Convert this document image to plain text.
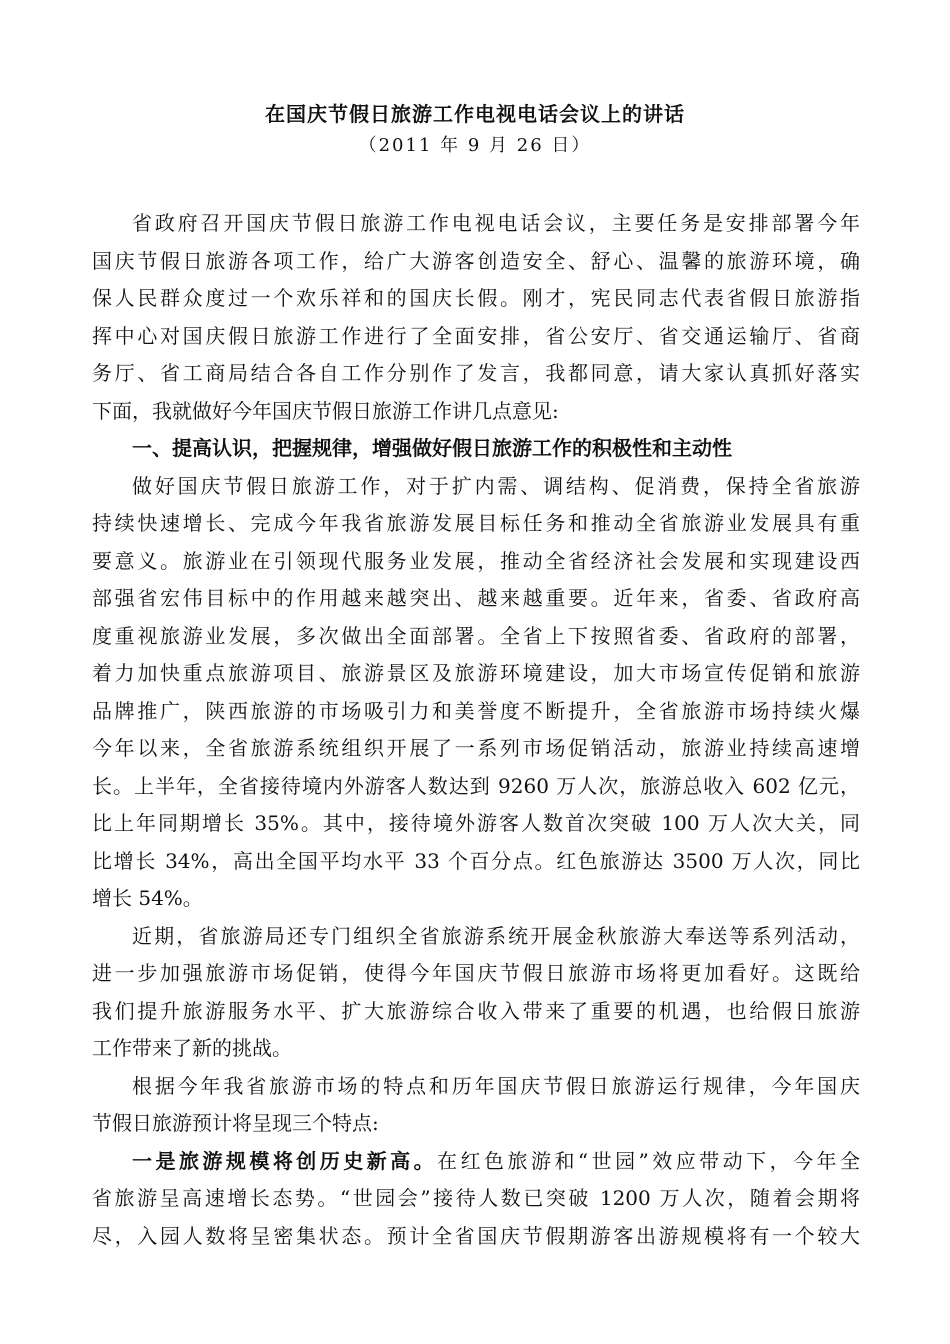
在国庆节假日旅游工作电视电话会议上的讲话
（2011 年 9 月 26 日）
省政府召开国庆节假日旅游工作电视电话会议，主要任务是安排部署今年
国庆节假日旅游各项工作，给广大游客创造安全、舒心、温馨的旅游环境，确
保人民群众度过一个欢乐祥和的国庆长假。刚才，宪民同志代表省假日旅游指
挥中心对国庆假日旅游工作进行了全面安排，省公安厅、省交通运输厅、省商
务厅、省工商局结合各自工作分别作了发言，我都同意，请大家认真抓好落实
下面，我就做好今年国庆节假日旅游工作讲几点意见:
一、提高认识，把握规律，增强做好假日旅游工作的积极性和主动性
做好国庆节假日旅游工作，对于扩内需、调结构、促消费，保持全省旅游
持续快速增长、完成今年我省旅游发展目标任务和推动全省旅游业发展具有重
要意义。旅游业在引领现代服务业发展，推动全省经济社会发展和实现建设西
部强省宏伟目标中的作用越来越突出、越来越重要。近年来，省委、省政府高
度重视旅游业发展，多次做出全面部署。全省上下按照省委、省政府的部署，
着力加快重点旅游项目、旅游景区及旅游环境建设，加大市场宣传促销和旅游
品牌推广，陕西旅游的市场吸引力和美誉度不断提升，全省旅游市场持续火爆
今年以来，全省旅游系统组织开展了一系列市场促销活动，旅游业持续高速增
长。上半年，全省接待境内外游客人数达到 9260 万人次，旅游总收入 602 亿元，
比上年同期增长 35%。其中，接待境外游客人数首次突破 100 万人次大关，同
比增长 34%，高出全国平均水平 33 个百分点。红色旅游达 3500 万人次，同比
增长 54%。
近期，省旅游局还专门组织全省旅游系统开展金秋旅游大奉送等系列活动，
进一步加强旅游市场促销，使得今年国庆节假日旅游市场将更加看好。这既给
我们提升旅游服务水平、扩大旅游综合收入带来了重要的机遇，也给假日旅游
工作带来了新的挑战。
根据今年我省旅游市场的特点和历年国庆节假日旅游运行规律，今年国庆
节假日旅游预计将呈现三个特点:
一是旅游规模将创历史新高。在红色旅游和“世园”效应带动下，今年全
省旅游呈高速增长态势。“世园会”接待人数已突破 1200 万人次，随着会期将
尽，入园人数将呈密集状态。预计全省国庆节假期游客出游规模将有一个较大
